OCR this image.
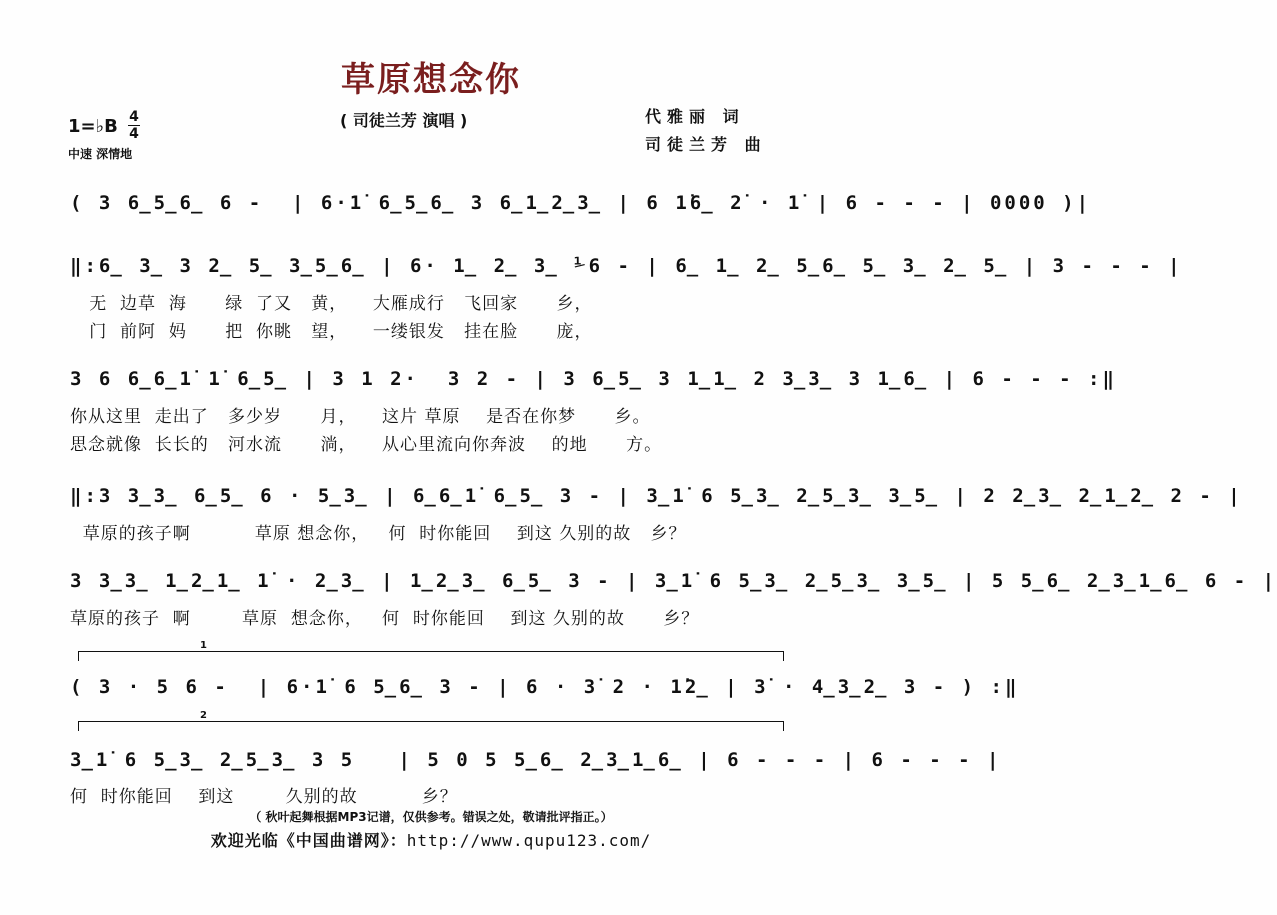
草原想念你
( 司徒兰芳 演唱 )	代雅丽 词
司徒兰芳 曲
1=♭B 4
4
中速 深情地
( 3 6̲5̲6̲ 6 -  | 6·1̇ 6̲5̲6̲ 3 6̲1̲2̲3̲ | 6 1̇6̲ 2̇ · 1̇ | 6 - - - | 0000 )|
‖:6̲ 3̲ 3 2̲ 5̲ 3̲5̲6̲ | 6· 1̲ 2̲ 3̲ ⅟6 - | 6̲ 1̲ 2̲ 5̲6̲ 5̲ 3̲ 2̲ 5̲ | 3 - - - |
无  边草  海      绿  了又   黄，    大雁成行   飞回家      乡，
门  前阿  妈      把  你眺   望，    一缕银发   挂在脸      庞，
3 6 6̲6̲1̇ 1̇ 6̲5̲ | 3 1 2·  3 2 - | 3 6̲5̲ 3 1̲1̲ 2 3̲3̲ 3 1̲6̲ | 6 - - - :‖
你从这里  走出了   多少岁      月，    这片 草原    是否在你梦      乡。
思念就像  长长的   河水流      淌，    从心里流向你奔波    的地      方。
‖:3 3̲3̲ 6̲5̲ 6 · 5̲3̲ | 6̲6̲1̇ 6̲5̲ 3 - | 3̲1̇ 6 5̲3̲ 2̲5̲3̲ 3̲5̲ | 2 2̲3̲ 2̲1̲2̲ 2 - |
草原的孩子啊          草原 想念你，   何  时你能回    到这 久别的故   乡？
3 3̲3̲ 1̲2̲1̲ 1̇ · 2̲3̲ | 1̲2̲3̲ 6̲5̲ 3 - | 3̲1̇ 6 5̲3̲ 2̲5̲3̲ 3̲5̲ | 5 5̲6̲ 2̲3̲1̲6̲ 6 - |
草原的孩子  啊        草原  想念你，   何  时你能回    到这 久别的故      乡？
1
( 3 · 5 6 -  | 6·1̇ 6 5̲6̲ 3 - | 6 · 3̇ 2 · 1̇2̲ | 3̇ · 4̲3̲2̲ 3 - ) :‖
2
3̲1̇ 6 5̲3̲ 2̲5̲3̲ 3 5   | 5 0 5 5̲6̲ 2̲3̲1̲6̲ | 6 - - - | 6 - - - |
何  时你能回    到这        久别的故          乡？
（ 秋叶起舞根据MP3记谱，仅供参考。错误之处，敬请批评指正。）
欢迎光临《中国曲谱网》：http://www.qupu123.com/
